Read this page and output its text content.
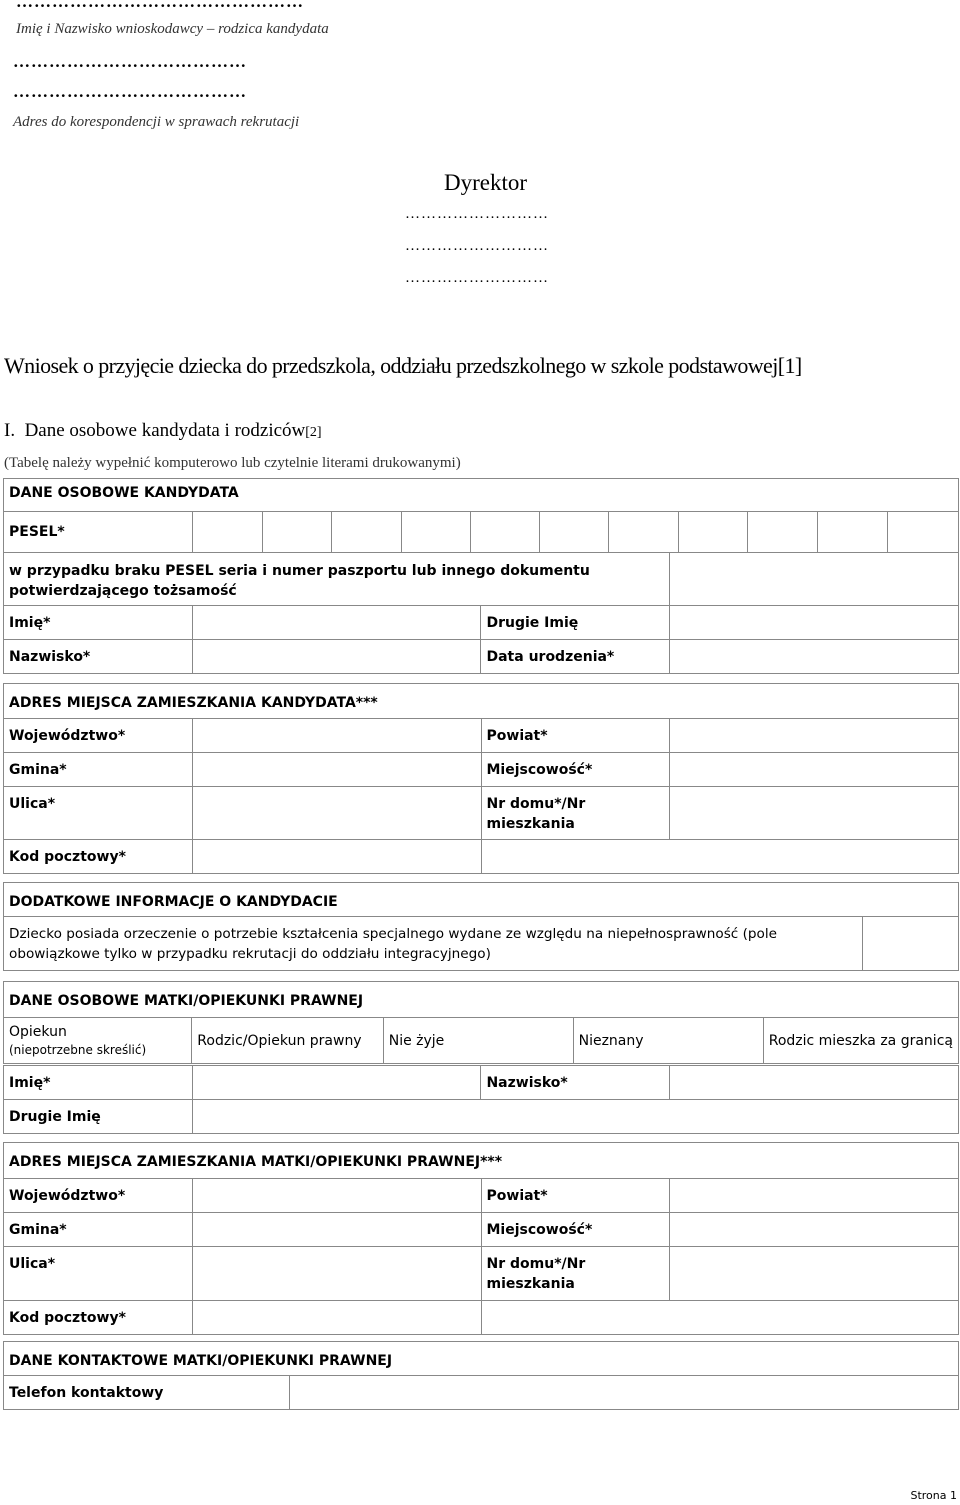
…………………………………………
Imię i Nazwisko wnioskodawcy – rodzica kandydata
…………………………………
…………………………………
Adres do korespondencji w sprawach rekrutacji
Dyrektor
………………………
………………………
………………………
Wniosek o przyjęcie dziecka do przedszkola, oddziału przedszkolnego w szkole podstawowej[1]
I. Dane osobowe kandydata i rodziców[2]
(Tabelę należy wypełnić komputerowo lub czytelnie literami drukowanymi)
DANE OSOBOWE KANDYDATA
PESEL*											
w przypadku braku PESEL seria i numer paszportu lub innego dokumentu potwierdzającego tożsamość			
Imię*		Drugie Imię	
Nazwisko*		Data urodzenia*	
ADRES MIEJSCA ZAMIESZKANIA KANDYDATA***			
Województwo*		Powiat*	
Gmina*		Miejscowość*	
Ulica*		Nr domu*/Nr mieszkania	
Kod pocztowy*			
DODATKOWE INFORMACJE O KANDYDACIE
Dziecko posiada orzeczenie o potrzebie kształcenia specjalnego wydane ze względu na niepełnosprawność (pole obowiązkowe tylko w przypadku rekrutacji do oddziału integracyjnego)	
DANE OSOBOWE MATKI/OPIEKUNKI PRAWNEJ
Opiekun
(niepotrzebne skreślić)	Rodzic/Opiekun prawny	Nie żyje	Nieznany	Rodzic mieszka za granicą
Imię*		Nazwisko*	
Drugie Imię			
ADRES MIEJSCA ZAMIESZKANIA MATKI/OPIEKUNKI PRAWNEJ***			
Województwo*		Powiat*	
Gmina*		Miejscowość*	
Ulica*		Nr domu*/Nr mieszkania	
Kod pocztowy*			
DANE KONTAKTOWE MATKI/OPIEKUNKI PRAWNEJ
Telefon kontaktowy	
Strona 1
